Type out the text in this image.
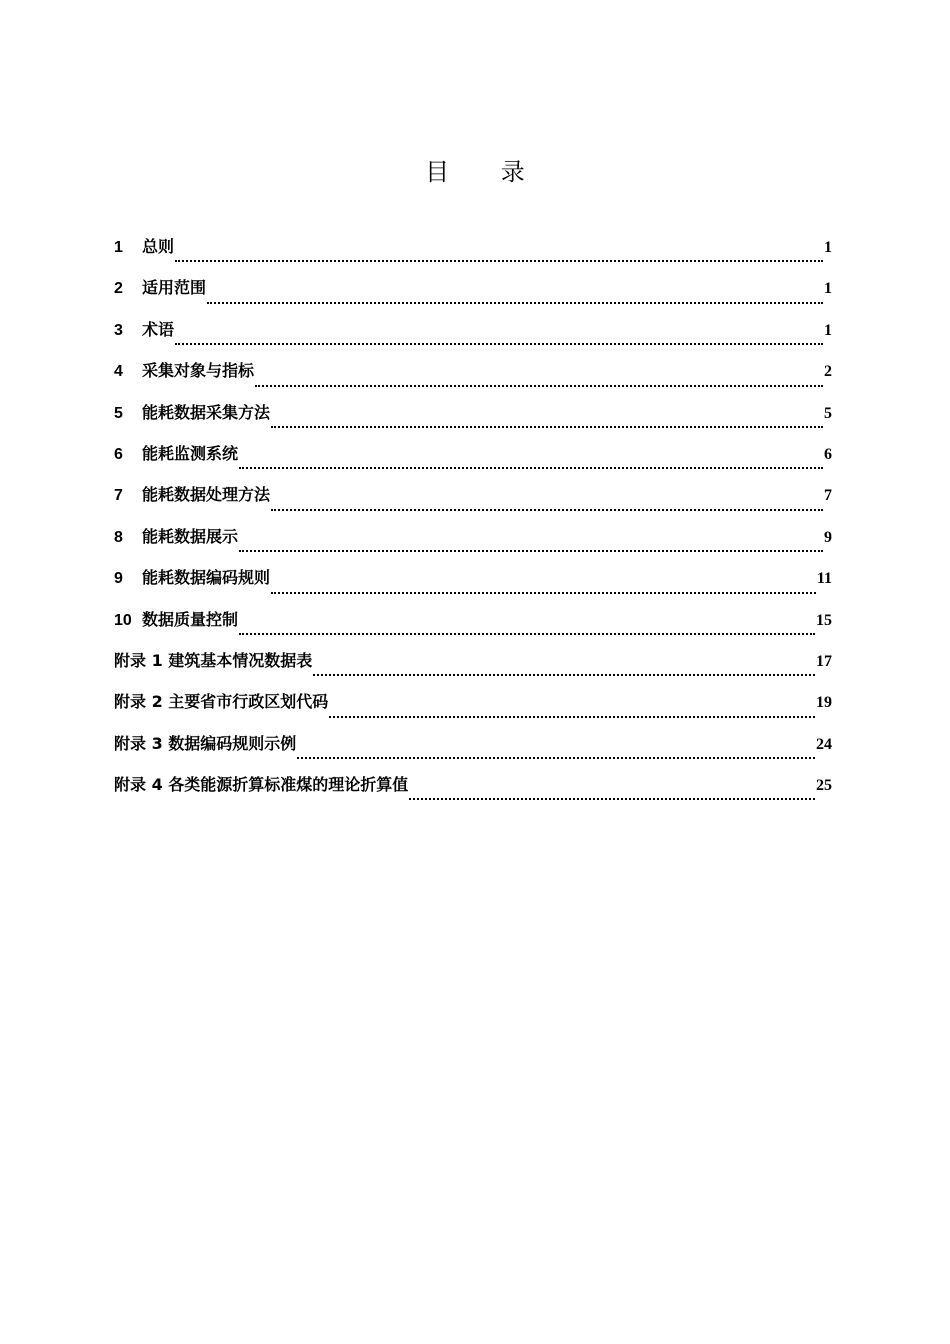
目 录
1	总则	1
2	适用范围	1
3	术语	1
4	采集对象与指标	2
5	能耗数据采集方法	5
6	能耗监测系统	6
7	能耗数据处理方法	7
8	能耗数据展示	9
9	能耗数据编码规则	11
10 数据质量控制	15
附录 1 建筑基本情况数据表	17
附录 2 主要省市行政区划代码	19
附录 3 数据编码规则示例	24
附录 4 各类能源折算标准煤的理论折算值	25
